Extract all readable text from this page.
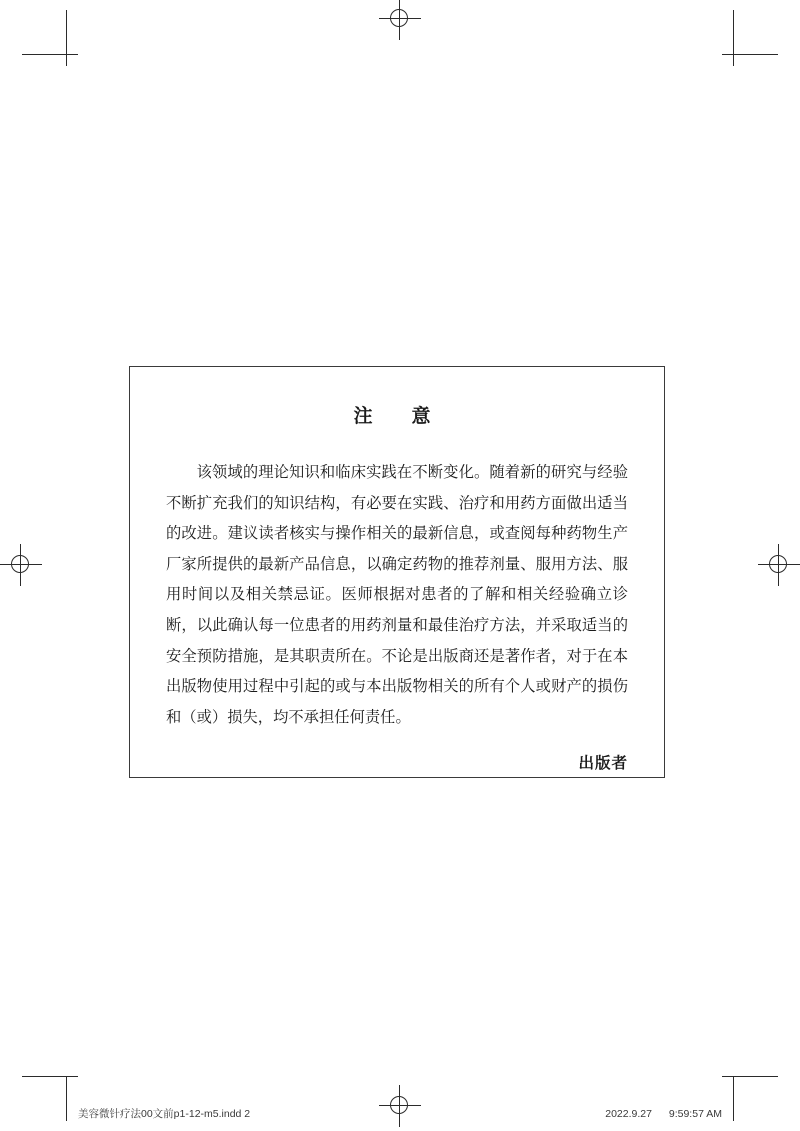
注　意
该领域的理论知识和临床实践在不断变化。随着新的研究与经验不断扩充我们的知识结构，有必要在实践、治疗和用药方面做出适当的改进。建议读者核实与操作相关的最新信息，或查阅每种药物生产厂家所提供的最新产品信息，以确定药物的推荐剂量、服用方法、服用时间以及相关禁忌证。医师根据对患者的了解和相关经验确立诊断，以此确认每一位患者的用药剂量和最佳治疗方法，并采取适当的安全预防措施，是其职责所在。不论是出版商还是著作者，对于在本出版物使用过程中引起的或与本出版物相关的所有个人或财产的损伤和（或）损失，均不承担任何责任。
出版者
美容微针疗法00文前p1-12-m5.indd 2	2022.9.27 9:59:57 AM
